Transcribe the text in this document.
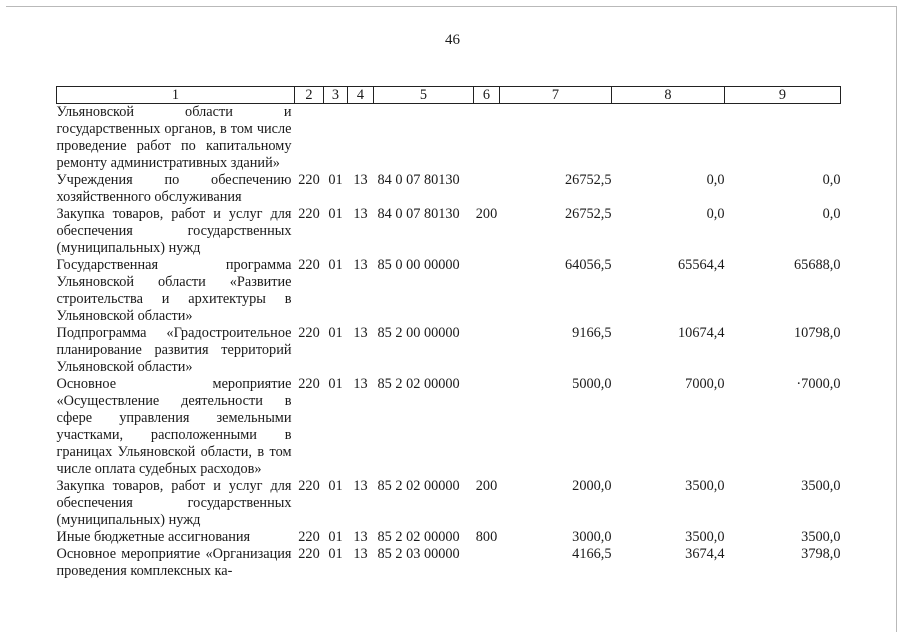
46
1	2	3	4	5	6	7	8	9
Ульяновской области и государственных органов, в том числе проведение работ по капитальному ремонту административных зданий»								
Учреждения по обеспечению хозяйственного обслуживания	220	01	13	84 0 07 80130		26752,5	0,0	0,0
Закупка товаров, работ и услуг для обеспечения государственных (муниципальных) нужд	220	01	13	84 0 07 80130	200	26752,5	0,0	0,0
Государственная программа Ульяновской области «Развитие строительства и архитектуры в Ульяновской области»	220	01	13	85 0 00 00000		64056,5	65564,4	65688,0
Подпрограмма «Градостроительное планирование развития территорий Ульяновской области»	220	01	13	85 2 00 00000		9166,5	10674,4	10798,0
Основное мероприятие «Осуществление деятельности в сфере управления земельными участками, расположенными в границах Ульяновской области, в том числе оплата судебных расходов»	220	01	13	85 2 02 00000		5000,0	7000,0	·7000,0
Закупка товаров, работ и услуг для обеспечения государственных (муниципальных) нужд	220	01	13	85 2 02 00000	200	2000,0	3500,0	3500,0
Иные бюджетные ассигнования	220	01	13	85 2 02 00000	800	3000,0	3500,0	3500,0
Основное мероприятие «Организация проведения комплексных ка-	220	01	13	85 2 03 00000		4166,5	3674,4	3798,0
